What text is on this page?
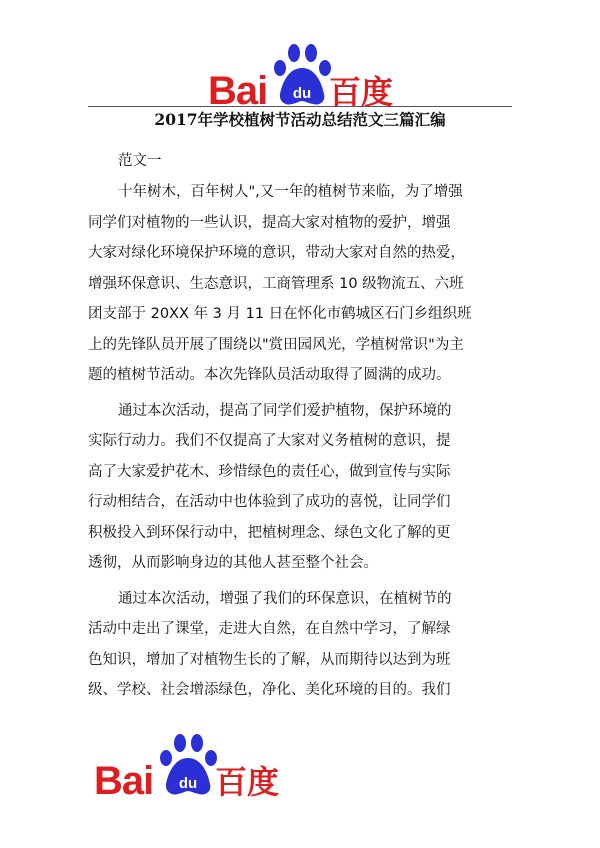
du
Bai 百度
2017年学校植树节活动总结范文三篇汇编

范文一

十年树木，百年树人",又一年的植树节来临，为了增强

同学们对植物的一些认识，提高大家对植物的爱护，增强

大家对绿化环境保护环境的意识，带动大家对自然的热爱，

增强环保意识、生态意识，工商管理系 10 级物流五、六班

团支部于 20XX 年 3 月 11 日在怀化市鹤城区石门乡组织班

上的先锋队员开展了围绕以"赏田园风光，学植树常识"为主

题的植树节活动。本次先锋队员活动取得了圆满的成功。

通过本次活动，提高了同学们爱护植物，保护环境的

实际行动力。我们不仅提高了大家对义务植树的意识，提

高了大家爱护花木、珍惜绿色的责任心，做到宣传与实际

行动相结合，在活动中也体验到了成功的喜悦，让同学们

积极投入到环保行动中，把植树理念、绿色文化了解的更

透彻，从而影响身边的其他人甚至整个社会。

通过本次活动，增强了我们的环保意识，在植树节的

活动中走出了课堂，走进大自然，在自然中学习，了解绿

色知识，增加了对植物生长的了解，从而期待以达到为班

级、学校、社会增添绿色，净化、美化环境的目的。我们

du
Bai 百度
